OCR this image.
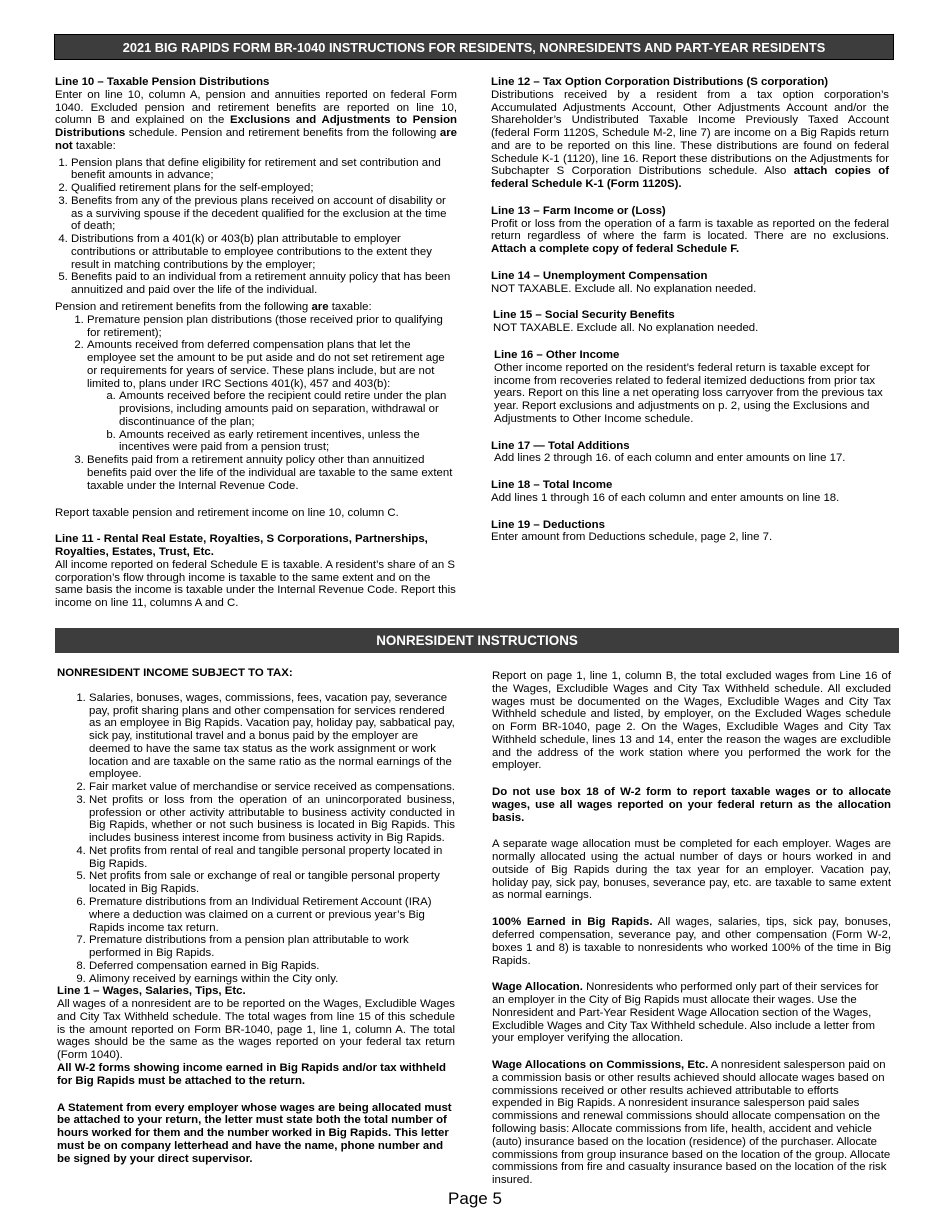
2021 BIG RAPIDS FORM BR-1040 INSTRUCTIONS FOR RESIDENTS, NONRESIDENTS AND PART-YEAR RESIDENTS

Line 10 – Taxable Pension Distributions

Enter on line 10, column A, pension and annuities reported on federal Form 1040. Excluded pension and retirement benefits are reported on line 10, column B and explained on the Exclusions and Adjustments to Pension Distributions schedule. Pension and retirement benefits from the following are not taxable:

1. Pension plans that define eligibility for retirement and set contribution and benefit amounts in advance;
2. Qualified retirement plans for the self-employed;
3. Benefits from any of the previous plans received on account of disability or as a surviving spouse if the decedent qualified for the exclusion at the time of death;
4. Distributions from a 401(k) or 403(b) plan attributable to employer contributions or attributable to employee contributions to the extent they result in matching contributions by the employer;
5. Benefits paid to an individual from a retirement annuity policy that has been annuitized and paid over the life of the individual.

Pension and retirement benefits from the following are taxable:

1. Premature pension plan distributions (those received prior to qualifying for retirement);
2. Amounts received from deferred compensation plans that let the employee set the amount to be put aside and do not set retirement age or requirements for years of service. These plans include, but are not limited to, plans under IRC Sections 401(k), 457 and 403(b):
a. Amounts received before the recipient could retire under the plan provisions, including amounts paid on separation, withdrawal or discontinuance of the plan;
b. Amounts received as early retirement incentives, unless the incentives were paid from a pension trust;
3. Benefits paid from a retirement annuity policy other than annuitized benefits paid over the life of the individual are taxable to the same extent taxable under the Internal Revenue Code.

Report taxable pension and retirement income on line 10, column C.

Line 11 - Rental Real Estate, Royalties, S Corporations, Partnerships, Royalties, Estates, Trust, Etc.

All income reported on federal Schedule E is taxable. A resident’s share of an S corporation’s flow through income is taxable to the same extent and on the same basis the income is taxable under the Internal Revenue Code. Report this income on line 11, columns A and C.

Line 12 – Tax Option Corporation Distributions (S corporation)

Distributions received by a resident from a tax option corporation’s Accumulated Adjustments Account, Other Adjustments Account and/or the Shareholder’s Undistributed Taxable Income Previously Taxed Account (federal Form 1120S, Schedule M-2, line 7) are income on a Big Rapids return and are to be reported on this line. These distributions are found on federal Schedule K-1 (1120), line 16. Report these distributions on the Adjustments for Subchapter S Corporation Distributions schedule. Also attach copies of federal Schedule K-1 (Form 1120S).

Line 13 – Farm Income or (Loss)

Profit or loss from the operation of a farm is taxable as reported on the federal return regardless of where the farm is located. There are no exclusions. Attach a complete copy of federal Schedule F.

Line 14 – Unemployment Compensation

NOT TAXABLE. Exclude all. No explanation needed.

Line 15 – Social Security Benefits

NOT TAXABLE. Exclude all. No explanation needed.

Line 16 – Other Income

Other income reported on the resident’s federal return is taxable except for income from recoveries related to federal itemized deductions from prior tax years. Report on this line a net operating loss carryover from the previous tax year. Report exclusions and adjustments on p. 2, using the Exclusions and Adjustments to Other Income schedule.

Line 17 — Total Additions

Add lines 2 through 16. of each column and enter amounts on line 17.

Line 18 – Total Income

Add lines 1 through 16 of each column and enter amounts on line 18.

Line 19 – Deductions

Enter amount from Deductions schedule, page 2, line 7.

NONRESIDENT INSTRUCTIONS

NONRESIDENT INCOME SUBJECT TO TAX:

1. Salaries, bonuses, wages, commissions, fees, vacation pay, severance pay, profit sharing plans and other compensation for services rendered as an employee in Big Rapids. Vacation pay, holiday pay, sabbatical pay, sick pay, institutional travel and a bonus paid by the employer are deemed to have the same tax status as the work assignment or work location and are taxable on the same ratio as the normal earnings of the employee.
2. Fair market value of merchandise or service received as compensations.
3. Net profits or loss from the operation of an unincorporated business, profession or other activity attributable to business activity conducted in Big Rapids, whether or not such business is located in Big Rapids. This includes business interest income from business activity in Big Rapids.
4. Net profits from rental of real and tangible personal property located in Big Rapids.
5. Net profits from sale or exchange of real or tangible personal property located in Big Rapids.
6. Premature distributions from an Individual Retirement Account (IRA) where a deduction was claimed on a current or previous year’s Big Rapids income tax return.
7. Premature distributions from a pension plan attributable to work performed in Big Rapids.
8. Deferred compensation earned in Big Rapids.
9. Alimony received by earnings within the City only.

Line 1 – Wages, Salaries, Tips, Etc.

All wages of a nonresident are to be reported on the Wages, Excludible Wages and City Tax Withheld schedule. The total wages from line 15 of this schedule is the amount reported on Form BR-1040, page 1, line 1, column A. The total wages should be the same as the wages reported on your federal tax return (Form 1040).

All W-2 forms showing income earned in Big Rapids and/or tax withheld for Big Rapids must be attached to the return.

A Statement from every employer whose wages are being allocated must be attached to your return, the letter must state both the total number of hours worked for them and the number worked in Big Rapids. This letter must be on company letterhead and have the name, phone number and be signed by your direct supervisor.

Report on page 1, line 1, column B, the total excluded wages from Line 16 of the Wages, Excludible Wages and City Tax Withheld schedule. All excluded wages must be documented on the Wages, Excludible Wages and City Tax Withheld schedule and listed, by employer, on the Excluded Wages schedule on Form BR-1040, page 2. On the Wages, Excludible Wages and City Tax Withheld schedule, lines 13 and 14, enter the reason the wages are excludible and the address of the work station where you performed the work for the employer.

Do not use box 18 of W-2 form to report taxable wages or to allocate wages, use all wages reported on your federal return as the allocation basis.

A separate wage allocation must be completed for each employer. Wages are normally allocated using the actual number of days or hours worked in and outside of Big Rapids during the tax year for an employer. Vacation pay, holiday pay, sick pay, bonuses, severance pay, etc. are taxable to same extent as normal earnings.

100% Earned in Big Rapids. All wages, salaries, tips, sick pay, bonuses, deferred compensation, severance pay, and other compensation (Form W-2, boxes 1 and 8) is taxable to nonresidents who worked 100% of the time in Big Rapids.

Wage Allocation. Nonresidents who performed only part of their services for an employer in the City of Big Rapids must allocate their wages. Use the Nonresident and Part-Year Resident Wage Allocation section of the Wages, Excludible Wages and City Tax Withheld schedule. Also include a letter from your employer verifying the allocation.

Wage Allocations on Commissions, Etc. A nonresident salesperson paid on a commission basis or other results achieved should allocate wages based on commissions received or other results achieved attributable to efforts expended in Big Rapids. A nonresident insurance salesperson paid sales commissions and renewal commissions should allocate compensation on the following basis: Allocate commissions from life, health, accident and vehicle (auto) insurance based on the location (residence) of the purchaser. Allocate commissions from group insurance based on the location of the group. Allocate commissions from fire and casualty insurance based on the location of the risk insured.

Page 5
